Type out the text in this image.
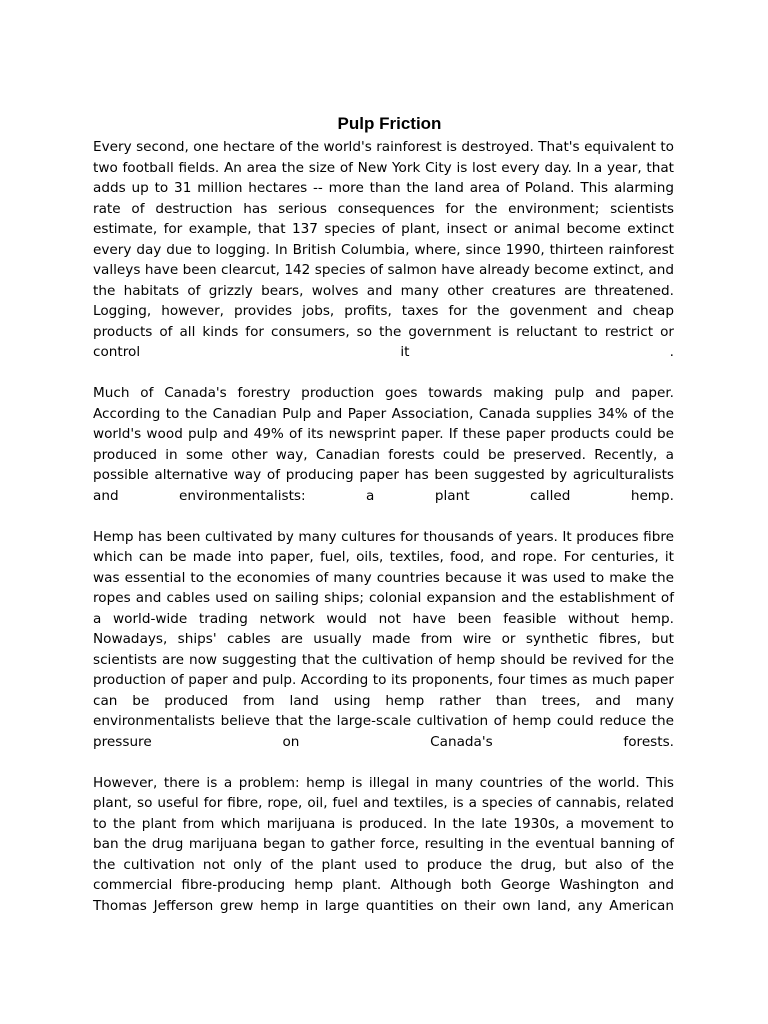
Pulp Friction

Every second, one hectare of the world's rainforest is destroyed. That's equivalent to two football fields. An area the size of New York City is lost every day. In a year, that adds up to 31 million hectares -- more than the land area of Poland. This alarming rate of destruction has serious consequences for the environment; scientists estimate, for example, that 137 species of plant, insect or animal become extinct every day due to logging. In British Columbia, where, since 1990, thirteen rainforest valleys have been clearcut, 142 species of salmon have already become extinct, and the habitats of grizzly bears, wolves and many other creatures are threatened. Logging, however, provides jobs, profits, taxes for the govenment and cheap products of all kinds for consumers, so the government is reluctant to restrict or control it .

Much of Canada's forestry production goes towards making pulp and paper. According to the Canadian Pulp and Paper Association, Canada supplies 34% of the world's wood pulp and 49% of its newsprint paper. If these paper products could be produced in some other way, Canadian forests could be preserved. Recently, a possible alternative way of producing paper has been suggested by agriculturalists and environmentalists: a plant called hemp.

Hemp has been cultivated by many cultures for thousands of years. It produces fibre which can be made into paper, fuel, oils, textiles, food, and rope. For centuries, it was essential to the economies of many countries because it was used to make the ropes and cables used on sailing ships; colonial expansion and the establishment of a world-wide trading network would not have been feasible without hemp. Nowadays, ships' cables are usually made from wire or synthetic fibres, but scientists are now suggesting that the cultivation of hemp should be revived for the production of paper and pulp. According to its proponents, four times as much paper can be produced from land using hemp rather than trees, and many environmentalists believe that the large-scale cultivation of hemp could reduce the pressure on Canada's forests.

However, there is a problem: hemp is illegal in many countries of the world. This plant, so useful for fibre, rope, oil, fuel and textiles, is a species of cannabis, related to the plant from which marijuana is produced. In the late 1930s, a movement to ban the drug marijuana began to gather force, resulting in the eventual banning of the cultivation not only of the plant used to produce the drug, but also of the commercial fibre-producing hemp plant. Although both George Washington and Thomas Jefferson grew hemp in large quantities on their own land, any American
